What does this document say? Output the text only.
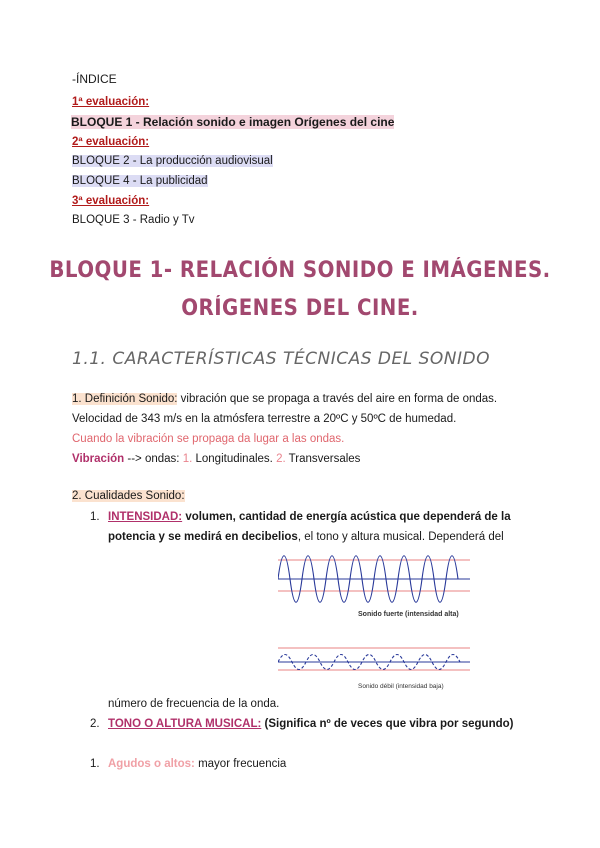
-ÍNDICE
1ª evaluación:
BLOQUE 1 - Relación sonido e imagen Orígenes del cine
2ª evaluación:
BLOQUE 2 - La producción audiovisual
BLOQUE 4 - La publicidad
3ª evaluación:
BLOQUE 3 - Radio y Tv
BLOQUE 1- RELACIÓN SONIDO E IMÁGENES.
ORÍGENES DEL CINE.
1.1. CARACTERÍSTICAS TÉCNICAS DEL SONIDO
1. Definición Sonido: vibración que se propaga a través del aire en forma de ondas.
Velocidad de 343 m/s en la atmósfera terrestre a 20ºC y 50ºC de humedad.
Cuando la vibración se propaga da lugar a las ondas.
Vibración --> ondas: 1. Longitudinales. 2. Transversales
2. Cualidades Sonido:
1. INTENSIDAD: volumen, cantidad de energía acústica que dependerá de la
potencia y se medirá en decibelios, el tono y altura musical. Dependerá del
Sonido fuerte (intensidad alta)
Sonido débil (intensidad baja)
número de frecuencia de la onda.
2. TONO O ALTURA MUSICAL: (Significa nº de veces que vibra por segundo)
1. Agudos o altos: mayor frecuencia
